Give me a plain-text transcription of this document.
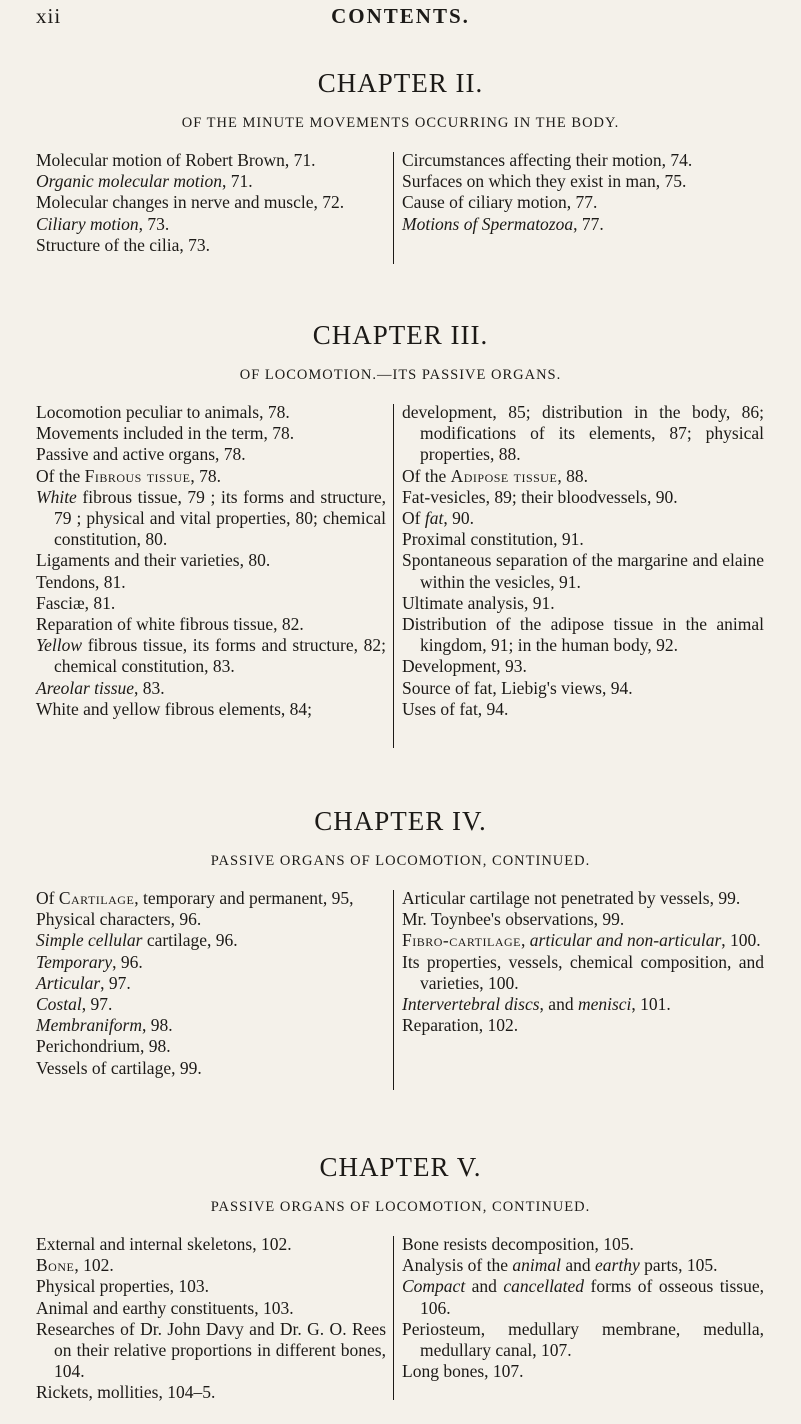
xii	CONTENTS.
CHAPTER II.
OF THE MINUTE MOVEMENTS OCCURRING IN THE BODY.
Molecular motion of Robert Brown, 71.
Organic molecular motion, 71.
Molecular changes in nerve and muscle, 72.
Ciliary motion, 73.
Structure of the cilia, 73.
Circumstances affecting their motion, 74.
Surfaces on which they exist in man, 75.
Cause of ciliary motion, 77.
Motions of Spermatozoa, 77.
CHAPTER III.
OF LOCOMOTION.—ITS PASSIVE ORGANS.
Locomotion peculiar to animals, 78.
Movements included in the term, 78.
Passive and active organs, 78.
Of the Fibrous tissue, 78.
White fibrous tissue, 79 ; its forms and structure, 79 ; physical and vital properties, 80; chemical constitution, 80.
Ligaments and their varieties, 80.
Tendons, 81.
Fasciæ, 81.
Reparation of white fibrous tissue, 82.
Yellow fibrous tissue, its forms and structure, 82; chemical constitution, 83.
Areolar tissue, 83.
White and yellow fibrous elements, 84;
development, 85; distribution in the body, 86; modifications of its elements, 87; physical properties, 88.
Of the Adipose tissue, 88.
Fat-vesicles, 89; their bloodvessels, 90.
Of fat, 90.
Proximal constitution, 91.
Spontaneous separation of the margarine and elaine within the vesicles, 91.
Ultimate analysis, 91.
Distribution of the adipose tissue in the animal kingdom, 91; in the human body, 92.
Development, 93.
Source of fat, Liebig's views, 94.
Uses of fat, 94.
CHAPTER IV.
PASSIVE ORGANS OF LOCOMOTION, CONTINUED.
Of Cartilage, temporary and permanent, 95,
Physical characters, 96.
Simple cellular cartilage, 96.
Temporary, 96.
Articular, 97.
Costal, 97.
Membraniform, 98.
Perichondrium, 98.
Vessels of cartilage, 99.
Articular cartilage not penetrated by vessels, 99.
Mr. Toynbee's observations, 99.
Fibro-cartilage, articular and non-articular, 100.
Its properties, vessels, chemical composition, and varieties, 100.
Intervertebral discs, and menisci, 101.
Reparation, 102.
CHAPTER V.
PASSIVE ORGANS OF LOCOMOTION, CONTINUED.
External and internal skeletons, 102.
Bone, 102.
Physical properties, 103.
Animal and earthy constituents, 103.
Researches of Dr. John Davy and Dr. G. O. Rees on their relative proportions in different bones, 104.
Rickets, mollities, 104–5.
Bone resists decomposition, 105.
Analysis of the animal and earthy parts, 105.
Compact and cancellated forms of osseous tissue, 106.
Periosteum, medullary membrane, medulla, medullary canal, 107.
Long bones, 107.
